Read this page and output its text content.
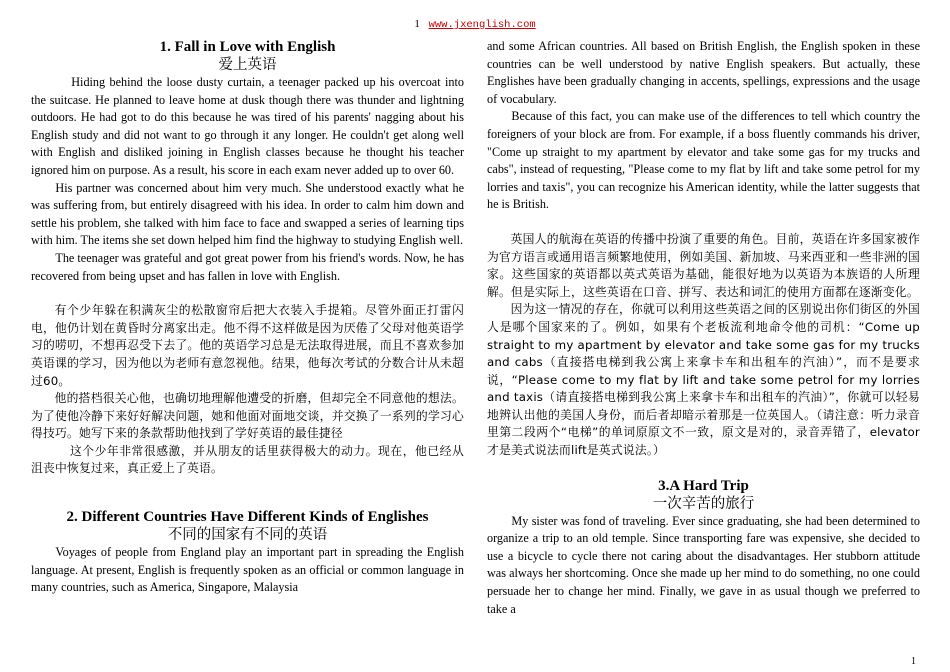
1 www.jxenglish.com
1. Fall in Love with English
爱上英语

Hiding behind the loose dusty curtain, a teenager packed up his overcoat into the suitcase. He planned to leave home at dusk though there was thunder and lightning outdoors. He had got to do this because he was tired of his parents' nagging about his English study and did not want to go through it any longer. He couldn't get along well with English and disliked joining in English classes because he thought his teacher ignored him on purpose. As a result, his score in each exam never added up to over 60.

His partner was concerned about him very much. She understood exactly what he was suffering from, but entirely disagreed with his idea. In order to calm him down and settle his problem, she talked with him face to face and swapped a series of learning tips with him. The items she set down helped him find the highway to studying English well.

The teenager was grateful and got great power from his friend's words. Now, he has recovered from being upset and has fallen in love with English.

有个少年躲在积满灰尘的松散窗帘后把大衣装入手提箱。尽管外面正打雷闪电，他仍计划在黄昏时分离家出走。他不得不这样做是因为厌倦了父母对他英语学习的唠叨，不想再忍受下去了。他的英语学习总是无法取得进展，而且不喜欢参加英语课的学习，因为他以为老师有意忽视他。结果，他每次考试的分数合计从未超过60。

他的搭档很关心他，也确切地理解他遭受的折磨，但却完全不同意他的想法。为了使他冷静下来好好解决问题，她和他面对面地交谈，并交换了一系列的学习心得技巧。她写下来的条款帮助他找到了学好英语的最佳捷径

这个少年非常很感激，并从朋友的话里获得极大的动力。现在，他已经从沮丧中恢复过来，真正爱上了英语。

2. Different Countries Have Different Kinds of Englishes
不同的国家有不同的英语

Voyages of people from England play an important part in spreading the English language. At present, English is frequently spoken as an official or common language in many countries, such as America, Singapore, Malaysia

and some African countries. All based on British English, the English spoken in these countries can be well understood by native English speakers. But actually, these Englishes have been gradually changing in accents, spellings, expressions and the usage of vocabulary.

Because of this fact, you can make use of the differences to tell which country the foreigners of your block are from. For example, if a boss fluently commands his driver, "Come up straight to my apartment by elevator and take some gas for my trucks and cabs", instead of requesting, "Please come to my flat by lift and take some petrol for my lorries and taxis", you can recognize his American identity, while the latter suggests that he is British.

英国人的航海在英语的传播中扮演了重要的角色。目前，英语在许多国家被作为官方语言或通用语言频繁地使用，例如美国、新加坡、马来西亚和一些非洲的国家。这些国家的英语都以英式英语为基础，能很好地为以英语为本族语的人所理解。但是实际上，这些英语在口音、拼写、表达和词汇的使用方面都在逐渐变化。

因为这一情况的存在，你就可以利用这些英语之间的区别说出你们街区的外国人是哪个国家来的了。例如，如果有个老板流利地命令他的司机：“Come up straight to my apartment by elevator and take some gas for my trucks and cabs（直接搭电梯到我公寓上来拿卡车和出租车的汽油）”，而不是要求说，“Please come to my flat by lift and take some petrol for my lorries and taxis（请直接搭电梯到我公寓上来拿卡车和出租车的汽油）”，你就可以轻易地辨认出他的美国人身份，而后者却暗示着那是一位英国人。（请注意：听力录音里第二段两个“电梯”的单词原原文不一致，原文是对的，录音弄错了，elevator才是美式说法而lift是英式说法。）

3.A Hard Trip
一次辛苦的旅行

My sister was fond of traveling. Ever since graduating, she had been determined to organize a trip to an old temple. Since transporting fare was expensive, she decided to use a bicycle to cycle there not caring about the disadvantages. Her stubborn attitude was always her shortcoming. Once she made up her mind to do something, no one could persuade her to change her mind. Finally, we gave in as usual though we preferred to take a

1
